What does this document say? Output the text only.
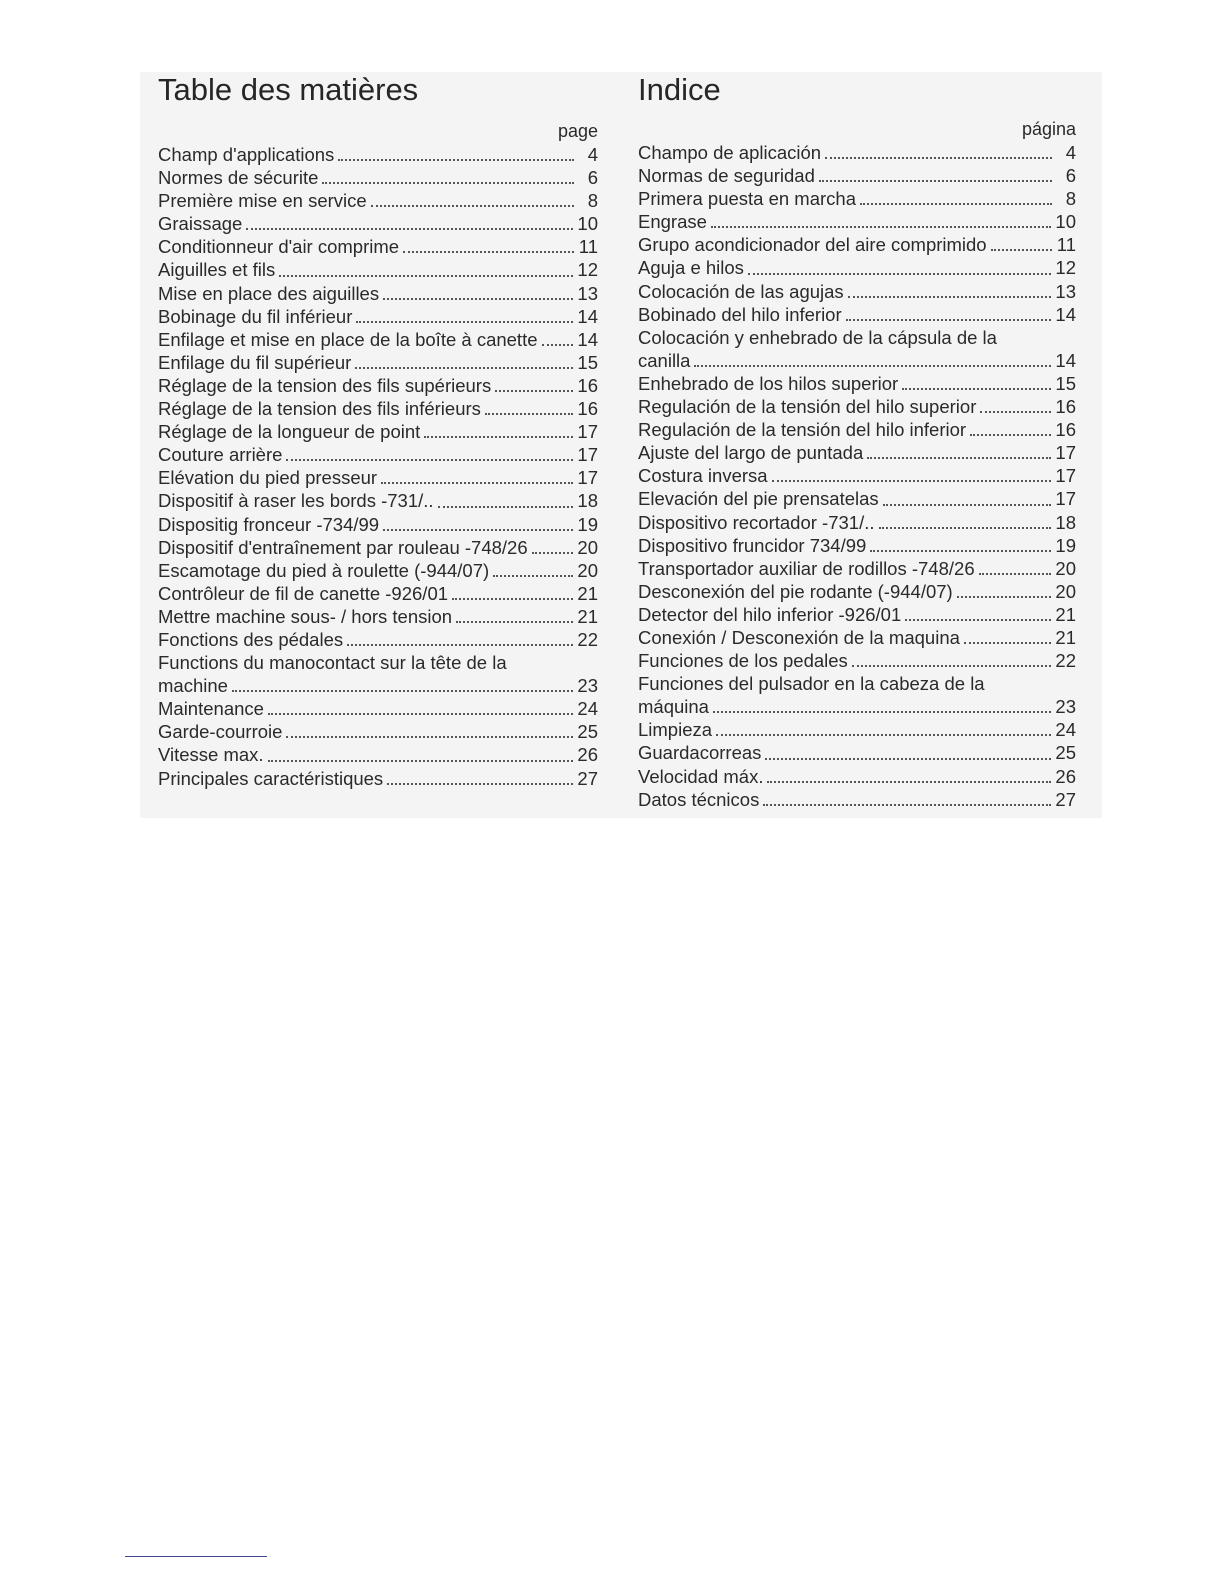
Table des matières	Indice
page
Champ d'applications	4
Normes de sécurite	6
Première mise en service	8
Graissage	10
Conditionneur d'air comprime	11
Aiguilles et fils	12
Mise en place des aiguilles	13
Bobinage du fil inférieur	14
Enfilage et mise en place de la boîte à canette 14
Enfilage du fil supérieur	15
Réglage de la tension des fils supérieurs	16
Réglage de la tension des fils inférieurs	16
Réglage de la longueur de point	17
Couture arrière	17
Elévation du pied presseur	17
Dispositif à raser les bords -731/..	18
Dispositig fronceur -734/99	19
Dispositif d'entraînement par rouleau -748/26	20
Escamotage du pied à roulette (-944/07)	20
Contrôleur de fil de canette -926/01	21
Mettre machine sous- / hors tension	21
Fonctions des pédales	22
Functions du manocontact sur la tête de la
machine	23
Maintenance	24
Garde-courroie	25
Vitesse max.	26
Principales caractéristiques	27
página
Champo de aplicación	4
Normas de seguridad	6
Primera puesta en marcha	8
Engrase	10
Grupo acondicionador del aire comprimido	11
Aguja e hilos	12
Colocación de las agujas	13
Bobinado del hilo inferior	14
Colocación y enhebrado de la cápsula de la
canilla	14
Enhebrado de los hilos superior	15
Regulación de la tensión del hilo superior	16
Regulación de la tensión del hilo inferior	16
Ajuste del largo de puntada	17
Costura inversa	17
Elevación del pie prensatelas	17
Dispositivo recortador -731/..	18
Dispositivo fruncidor 734/99	19
Transportador auxiliar de rodillos -748/26	20
Desconexión del pie rodante (-944/07)	20
Detector del hilo inferior -926/01	21
Conexión / Desconexión de la maquina	21
Funciones de los pedales	22
Funciones del pulsador en la cabeza de la
máquina	23
Limpieza	24
Guardacorreas	25
Velocidad máx.	26
Datos técnicos	27
